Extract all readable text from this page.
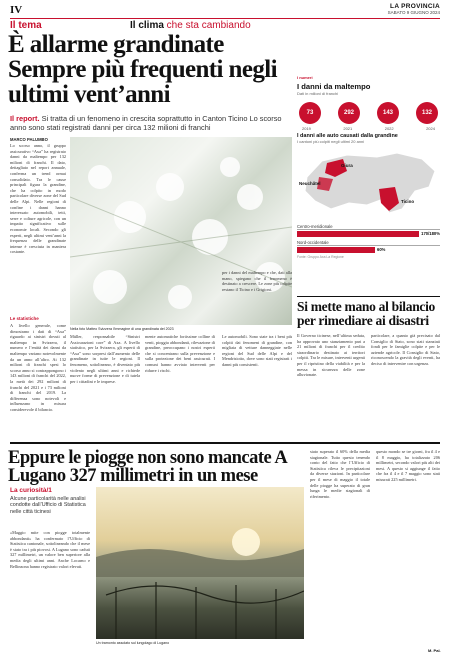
IV	LA PROVINCIA
SABATO 9 GIUGNO 2024
Il tema	Il clima che sta cambiando
È allarme grandinate Sempre più frequenti negli ultimi vent’anni
Il report. Si tratta di un fenomeno in crescita soprattutto in Canton Ticino Lo scorso anno sono stati registrati danni per circa 132 milioni di franchi
MARCO PALUMBO
Lo scorso anno, il gruppo assicurativo “Axa” ha registrato danni da maltempo per 132 milioni di franchi. Il dato, dettagliato nel report annuale, conferma un trend ormai consolidato. Tra le cause principali figura la grandine, che ha colpito in modo particolare diverse zone del Sud delle Alpi. Nelle regioni di confine i danni hanno interessato automobili, tetti, serre e colture agricole, con un impatto significativo sulle economie locali. Secondo gli esperti, negli ultimi vent’anni la frequenza delle grandinate intense è cresciuta in maniera costante.
Le statistiche
A livello generale, come dimostrano i dati di “Axa” riguardo ai sinistri dovuti al maltempo in Svizzera, il numero e l’entità dei danni da maltempo variano notevolmente da un anno all’altro. Ai 132 milioni di franchi spesi lo scorso anno si contrappongono i 143 milioni di franchi del 2022, la metà dei 292 milioni di franchi del 2021 e i 73 milioni di franchi del 2019. La differenza sono notevoli e influenzano in misura considerevole il bilancio.
Nella foto Matteo Svizzera l’immagine di una grandinata del 2023
Müller, responsabile “Sinistri Assicurazioni core” di Axa. A livello statistico, per la Svizzera, gli esperti di “Axa” sono sorpresi dall’aumento delle grandinate in tutte le regioni. Il fenomeno, sottolineano, è diventato più violento negli ultimi anni e richiede nuove forme di prevenzione e di tutela per i cittadini e le imprese.
mente automatiche fortissime colline di venti, pioggia abbondanti, rilevazione di grandine, preoccupano i nostri esperti che si concentrano sulla prevenzione e sulla protezione dei beni assicurati. I comuni hanno avviato interventi per ridurre i rischi.
per i danni del maltempo e che, dati alla mano, spiegano che il fenomeno è destinato a crescere. Le zone più colpite restano il Ticino e i Grigioni.
Le automobili. Sono state tra i beni più colpiti dai fenomeni di grandine, con migliaia di vetture danneggiate nelle regioni del Sud delle Alpi e del Mendrisiotto, dove sono stati registrati i danni più consistenti.
I numeri
I danni da maltempo
Dati in milioni di franchi
73	292	143	132
2019	2021	2022	2024
I danni alle auto causati dalla grandine
I cantoni più colpiti negli ultimi 20 anni
Giura
Neuchâtel
Ticino
Centro-meridionale
170/180%
Nord-occidentale
60%
Fonte: Gruppo Axa La Regione
Si mette mano al bilancio per rimediare ai disastri
Il Governo ticinese, nell’ultima seduta, ha approvato uno stanziamento pari a 21 milioni di franchi per il credito straordinario destinato ai territori colpiti. Tra le misure, interventi urgenti per il ripristino della viabilità e per la messa in sicurezza delle zone alluvionate.
particolare, a quanto già precisato dal Consiglio di Stato, sono stati stanziati fondi per le famiglie colpite e per le aziende agricole. Il Consiglio di Stato, riconoscendo la gravità degli eventi, ha deciso di intervenire con urgenza.
Eppure le piogge non sono mancate A Lugano 327 millimetri in un mese
La curiosità/1
Alcune particolarità nelle analisi condotte dall’Ufficio di Statistica nelle città ticinesi
«Maggio mite con piogge totalmente abbondanti» ha confermato l’Ufficio di Statistica cantonale, sottolineando che il mese è stato tra i più piovosi. A Lugano sono caduti 327 millimetri, un valore ben superiore alla media degli ultimi anni. Anche Locarno e Bellinzona hanno registrato valori elevati.
Un tramonto assolato sul lungolago di Lugano
stato superato il 60% della media stagionale. Tutto questo tenendo conto del fatto che l’Ufficio di Statistica rileva le precipitazioni da diverse stazioni. In particolare per il mese di maggio il totale delle piogge ha superato di gran lunga le medie stagionali di riferimento.
questo mondo se tre giorni, fra il 4 e il 8 maggio, ha totalizzato 206 millimetri, secondo valori più alti dei mesi. A questo si aggiunge il fatto che fra il 4 e il 7 maggio sono stati misurati 225 millimetri.
M. Pal.
